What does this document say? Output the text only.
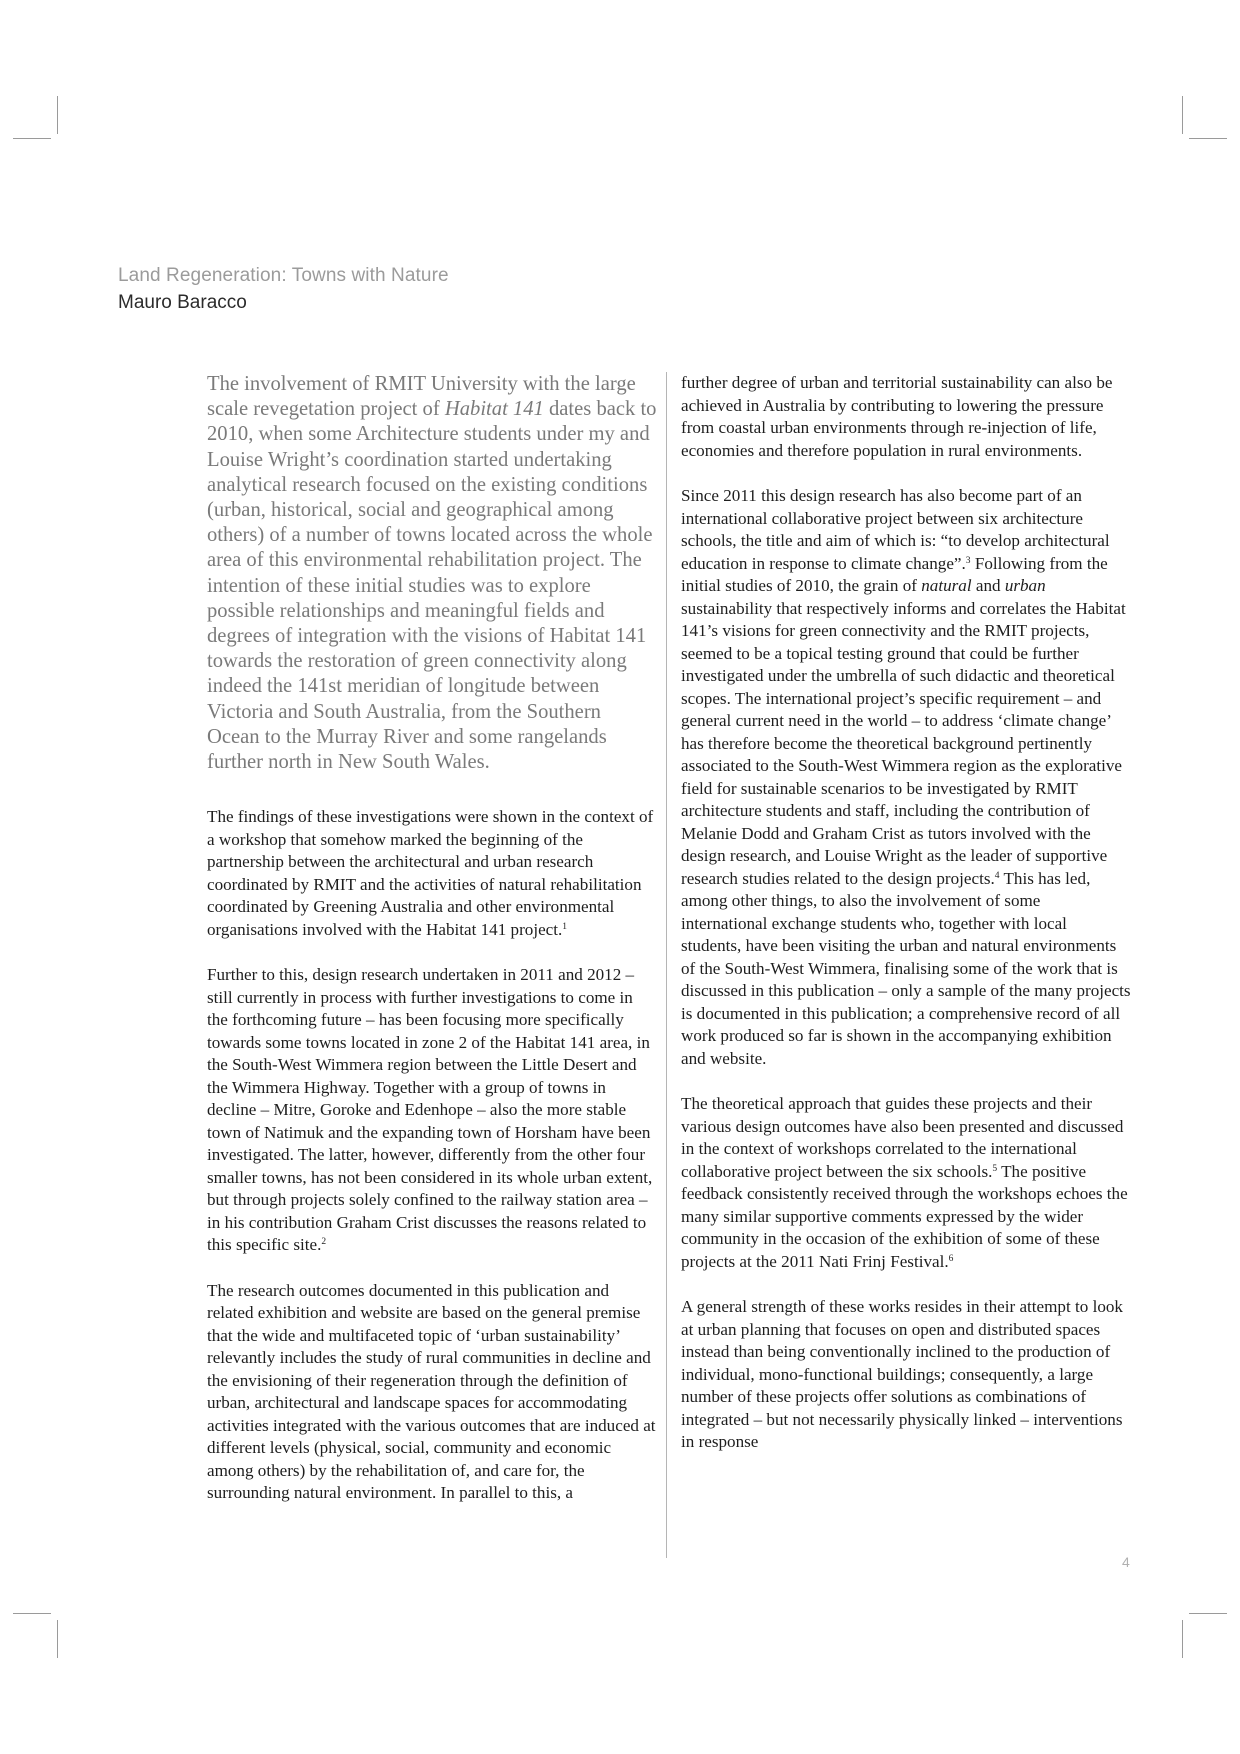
Land Regeneration: Towns with Nature
Mauro Baracco

The involvement of RMIT University with the large scale revegetation project of Habitat 141 dates back to 2010, when some Architecture students under my and Louise Wright’s coordination started undertaking analytical research focused on the existing conditions (urban, historical, social and geographical among others) of a number of towns located across the whole area of this environmental rehabilitation project. The intention of these initial studies was to explore possible relationships and meaningful fields and degrees of integration with the visions of Habitat 141 towards the restoration of green connectivity along indeed the 141st meridian of longitude between Victoria and South Australia, from the Southern Ocean to the Murray River and some rangelands further north in New South Wales.

The findings of these investigations were shown in the context of a workshop that somehow marked the beginning of the partnership between the architectural and urban research coordinated by RMIT and the activities of natural rehabilitation coordinated by Greening Australia and other environmental organisations involved with the Habitat 141 project.$^1$

Further to this, design research undertaken in 2011 and 2012 – still currently in process with further investigations to come in the forthcoming future – has been focusing more specifically towards some towns located in zone 2 of the Habitat 141 area, in the South-West Wimmera region between the Little Desert and the Wimmera Highway. Together with a group of towns in decline – Mitre, Goroke and Edenhope – also the more stable town of Natimuk and the expanding town of Horsham have been investigated. The latter, however, differently from the other four smaller towns, has not been considered in its whole urban extent, but through projects solely confined to the railway station area – in his contribution Graham Crist discusses the reasons related to this specific site.$^2$

The research outcomes documented in this publication and related exhibition and website are based on the general premise that the wide and multifaceted topic of ‘urban sustainability’ relevantly includes the study of rural communities in decline and the envisioning of their regeneration through the definition of urban, architectural and landscape spaces for accommodating activities integrated with the various outcomes that are induced at different levels (physical, social, community and economic among others) by the rehabilitation of, and care for, the surrounding natural environment. In parallel to this, a

further degree of urban and territorial sustainability can also be achieved in Australia by contributing to lowering the pressure from coastal urban environments through re-injection of life, economies and therefore population in rural environments.

Since 2011 this design research has also become part of an international collaborative project between six architecture schools, the title and aim of which is: “to develop architectural education in response to climate change”.$^3$ Following from the initial studies of 2010, the grain of natural and urban sustainability that respectively informs and correlates the Habitat 141’s visions for green connectivity and the RMIT projects, seemed to be a topical testing ground that could be further investigated under the umbrella of such didactic and theoretical scopes. The international project’s specific requirement – and general current need in the world – to address ‘climate change’ has therefore become the theoretical background pertinently associated to the South-West Wimmera region as the explorative field for sustainable scenarios to be investigated by RMIT architecture students and staff, including the contribution of Melanie Dodd and Graham Crist as tutors involved with the design research, and Louise Wright as the leader of supportive research studies related to the design projects.$^4$ This has led, among other things, to also the involvement of some international exchange students who, together with local students, have been visiting the urban and natural environments of the South-West Wimmera, finalising some of the work that is discussed in this publication – only a sample of the many projects is documented in this publication; a comprehensive record of all work produced so far is shown in the accompanying exhibition and website.

The theoretical approach that guides these projects and their various design outcomes have also been presented and discussed in the context of workshops correlated to the international collaborative project between the six schools.$^5$ The positive feedback consistently received through the workshops echoes the many similar supportive comments expressed by the wider community in the occasion of the exhibition of some of these projects at the 2011 Nati Frinj Festival.$^6$

A general strength of these works resides in their attempt to look at urban planning that focuses on open and distributed spaces instead than being conventionally inclined to the production of individual, mono-functional buildings; consequently, a large number of these projects offer solutions as combinations of integrated – but not necessarily physically linked – interventions in response

4
